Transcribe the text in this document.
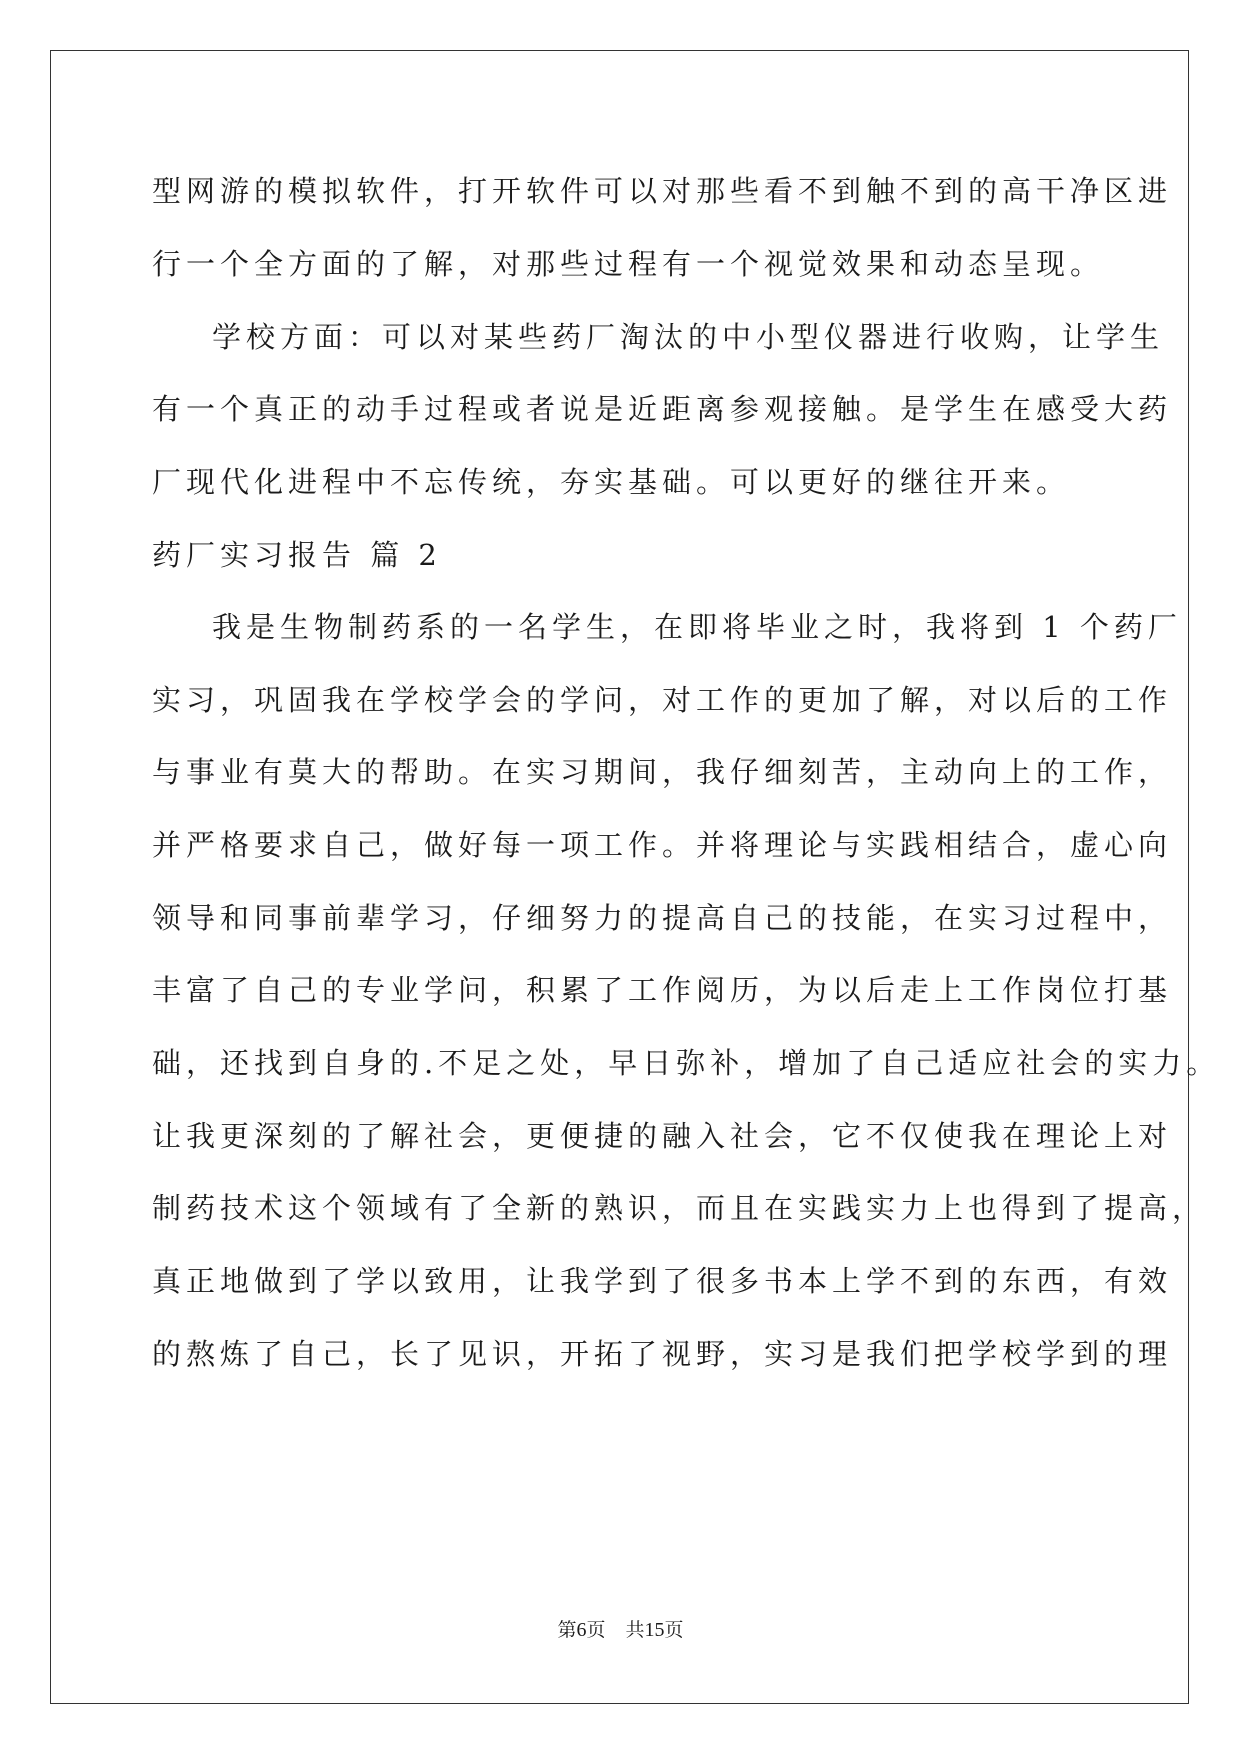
型网游的模拟软件，打开软件可以对那些看不到触不到的高干净区进
行一个全方面的了解，对那些过程有一个视觉效果和动态呈现。
学校方面：可以对某些药厂淘汰的中小型仪器进行收购，让学生
有一个真正的动手过程或者说是近距离参观接触。是学生在感受大药
厂现代化进程中不忘传统，夯实基础。可以更好的继往开来。
药厂实习报告 篇 2
我是生物制药系的一名学生，在即将毕业之时，我将到 1 个药厂
实习，巩固我在学校学会的学问，对工作的更加了解，对以后的工作
与事业有莫大的帮助。在实习期间，我仔细刻苦，主动向上的工作，
并严格要求自己，做好每一项工作。并将理论与实践相结合，虚心向
领导和同事前辈学习，仔细努力的提高自己的技能，在实习过程中，
丰富了自己的专业学问，积累了工作阅历，为以后走上工作岗位打基
础，还找到自身的.不足之处，早日弥补，增加了自己适应社会的实力。
让我更深刻的了解社会，更便捷的融入社会，它不仅使我在理论上对
制药技术这个领域有了全新的熟识，而且在实践实力上也得到了提高，
真正地做到了学以致用，让我学到了很多书本上学不到的东西，有效
的熬炼了自己，长了见识，开拓了视野，实习是我们把学校学到的理
第6页 共15页
